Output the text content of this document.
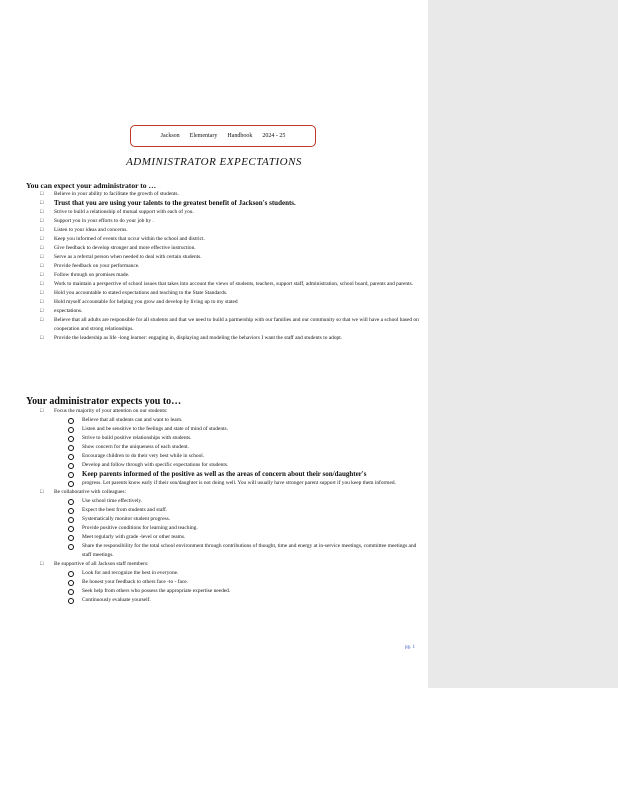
Jackson Elementary Handbook 2024 - 25
ADMINISTRATOR EXPECTATIONS
You can expect your administrator to …
□ Believe in your ability to facilitate the growth of students.
□ Trust that you are using your talents to the greatest benefit of Jackson's students.
□ Strive to build a relationship of mutual support with each of you.
□ Support you in your efforts to do your job by .
□ Listen to your ideas and concerns.
□ Keep you informed of events that occur within the school and district.
□ Give feedback to develop stronger and more effective instruction.
□ Serve as a referral person when needed to deal with certain students.
□ Provide feedback on your performance.
□ Follow through on promises made.
□ Work to maintain a perspective of school issues that takes into account the views of students, teachers, support staff, administration, school board, parents and parents.
□ Hold you accountable to stated expectations and teaching to the State Standards.
□ Hold myself accountable for helping you grow and develop by living up to my stated
□ expectations.
□ Believe that all adults are responsible for all students and that we need to build a partnership with our families and our community so that we will have a school based on cooperation and strong relationships.
□ Provide the leadership as life -long learner: engaging in, displaying and modeling the behaviors I want the staff and students to adopt.
Your administrator expects you to…
□ Focus the majority of your attention on our students:
Believe that all students can and want to learn.
Listen and be sensitive to the feelings and state of mind of students.
Strive to build positive relationships with students.
Show concern for the uniqueness of each student.
Encourage children to do their very best while in school.
Develop and follow through with specific expectations for students.
Keep parents informed of the positive as well as the areas of concern about their son/daughter's
progress. Let parents know early if their son/daughter is not doing well. You will usually have stronger parent support if you keep them informed.
□ Be collaborative with colleagues:
Use school time effectively.
Expect the best from students and staff.
Systematically monitor student progress.
Provide positive conditions for learning and teaching.
Meet regularly with grade -level or other teams.
Share the responsibility for the total school environment through contributions of thought, time and energy at in-service meetings, committee meetings and staff meetings.
□ Be supportive of all Jackson staff members:
Look for and recognize the best in everyone.
Be honest your feedback to others face -to - face.
Seek help from others who possess the appropriate expertise needed.
Continuously evaluate yourself.
pg. 1
